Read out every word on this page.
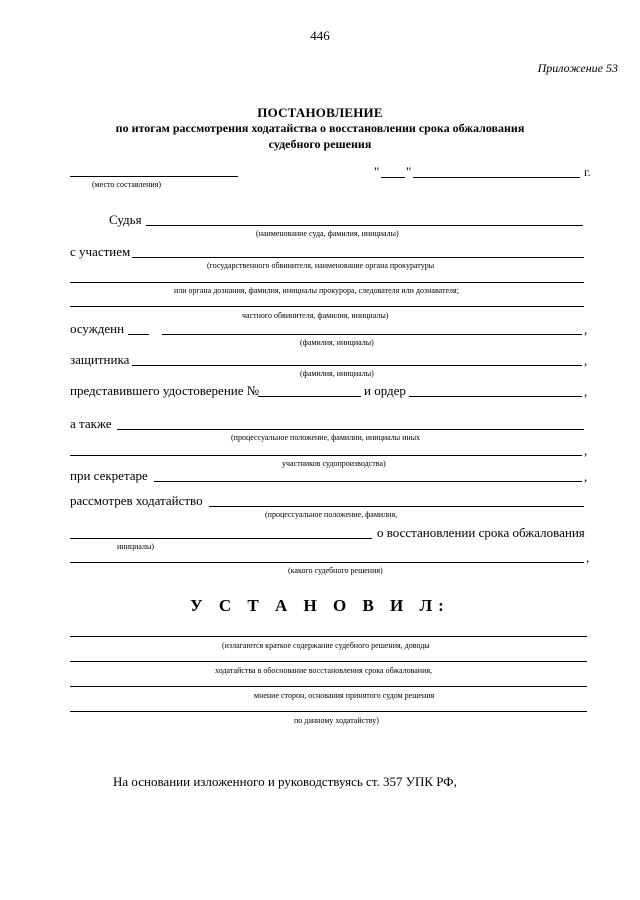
446
Приложение 53
ПОСТАНОВЛЕНИЕ
по итогам рассмотрения ходатайства о восстановлении срока обжалования
судебного решения
(место составления)
" "	г.
Судья
(наименование суда, фамилия, инициалы)
с участием
(государственного обвинителя, наименование органа прокуратуры
или органа дознания, фамилия, инициалы прокурора, следователя или дознавателя;
частного обвинителя, фамилия, инициалы)
осужденн	,
(фамилия, инициалы)
защитника	,
(фамилия, инициалы)
представившего удостоверение №	и ордер	,
а также
(процессуальное положение, фамилии, инициалы иных
,
участников судопроизводства)
при секретаре	,
рассмотрев ходатайство
(процессуальное положение, фамилия,
о восстановлении срока обжалования
инициалы)
,
(какого судебного решения)
У С Т А Н О В И Л:
(излагаются краткое содержание судебного решения, доводы
ходатайства в обоснование восстановления срока обжалования,
мнение сторон, основания принятого судом решения
по данному ходатайству)
На основании изложенного и руководствуясь ст. 357 УПК РФ,
